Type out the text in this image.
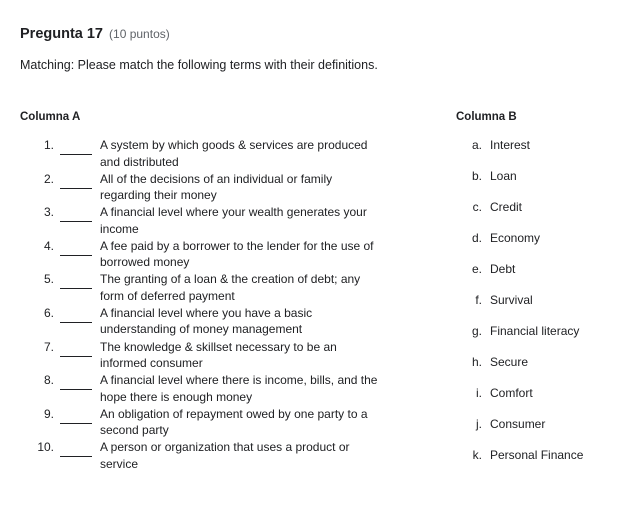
Pregunta 17 (10 puntos)
Matching: Please match the following terms with their definitions.
Columna A	Columna B
1.	A system by which goods & services are produced and distributed
2.	All of the decisions of an individual or family regarding their money
3.	A financial level where your wealth generates your income
4.	A fee paid by a borrower to the lender for the use of borrowed money
5.	The granting of a loan & the creation of debt; any form of deferred payment
6.	A financial level where you have a basic understanding of money management
7.	The knowledge & skillset necessary to be an informed consumer
8.	A financial level where there is income, bills, and the hope there is enough money
9.	An obligation of repayment owed by one party to a second party
10.	A person or organization that uses a product or service
a. Interest
b. Loan
c. Credit
d. Economy
e. Debt
f. Survival
g. Financial literacy
h. Secure
i. Comfort
j. Consumer
k. Personal Finance
